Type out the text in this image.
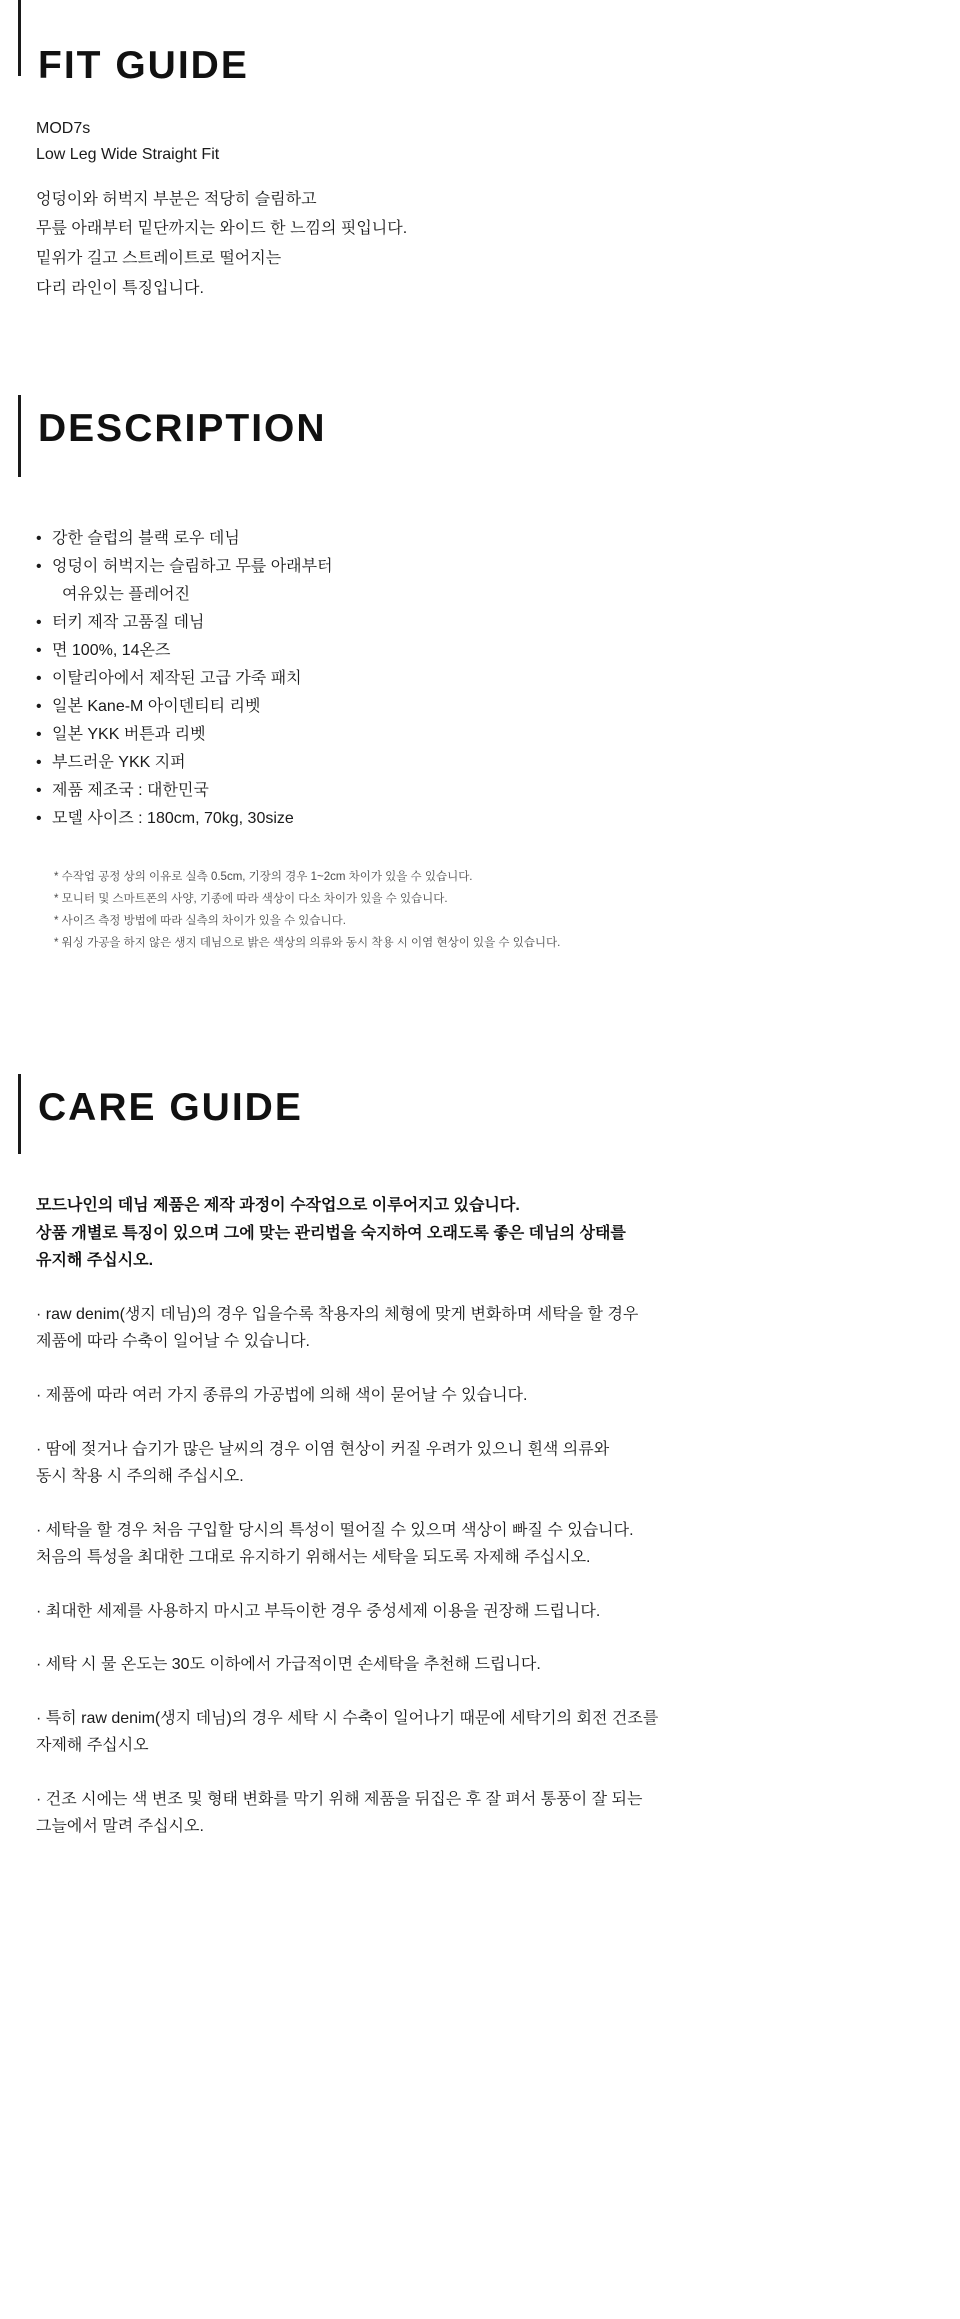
FIT GUIDE

MOD7s

Low Leg Wide Straight Fit

엉덩이와 허벅지 부분은 적당히 슬림하고

무릎 아래부터 밑단까지는 와이드 한 느낌의 핏입니다.

밑위가 길고 스트레이트로 떨어지는

다리 라인이 특징입니다.

DESCRIPTION
• 강한 슬럽의 블랙 로우 데님
• 엉덩이 허벅지는 슬림하고 무릎 아래부터
여유있는 플레어진
• 터키 제작 고품질 데님
• 면 100%, 14온즈
• 이탈리아에서 제작된 고급 가죽 패치
• 일본 Kane-M 아이덴티티 리벳
• 일본 YKK 버튼과 리벳
• 부드러운 YKK 지퍼
• 제품 제조국 : 대한민국
• 모델 사이즈 : 180cm, 70kg, 30size

* 수작업 공정 상의 이유로 실측 0.5cm, 기장의 경우 1~2cm 차이가 있을 수 있습니다.

* 모니터 및 스마트폰의 사양, 기종에 따라 색상이 다소 차이가 있을 수 있습니다.

* 사이즈 측정 방법에 따라 실측의 차이가 있을 수 있습니다.

* 워싱 가공을 하지 않은 생지 데님으로 밝은 색상의 의류와 동시 착용 시 이염 현상이 있을 수 있습니다.

CARE GUIDE

모드나인의 데님 제품은 제작 과정이 수작업으로 이루어지고 있습니다.

상품 개별로 특징이 있으며 그에 맞는 관리법을 숙지하여 오래도록 좋은 데님의 상태를

유지해 주십시오.

· raw denim(생지 데님)의 경우 입을수록 착용자의 체형에 맞게 변화하며 세탁을 할 경우

제품에 따라 수축이 일어날 수 있습니다.

· 제품에 따라 여러 가지 종류의 가공법에 의해 색이 묻어날 수 있습니다.

· 땀에 젖거나 습기가 많은 날씨의 경우 이염 현상이 커질 우려가 있으니 흰색 의류와

동시 착용 시 주의해 주십시오.

· 세탁을 할 경우 처음 구입할 당시의 특성이 떨어질 수 있으며 색상이 빠질 수 있습니다.

처음의 특성을 최대한 그대로 유지하기 위해서는 세탁을 되도록 자제해 주십시오.

· 최대한 세제를 사용하지 마시고 부득이한 경우 중성세제 이용을 권장해 드립니다.

· 세탁 시 물 온도는 30도 이하에서 가급적이면 손세탁을 추천해 드립니다.

· 특히 raw denim(생지 데님)의 경우 세탁 시 수축이 일어나기 때문에 세탁기의 회전 건조를

자제해 주십시오

· 건조 시에는 색 변조 및 형태 변화를 막기 위해 제품을 뒤집은 후 잘 펴서 통풍이 잘 되는

그늘에서 말려 주십시오.
